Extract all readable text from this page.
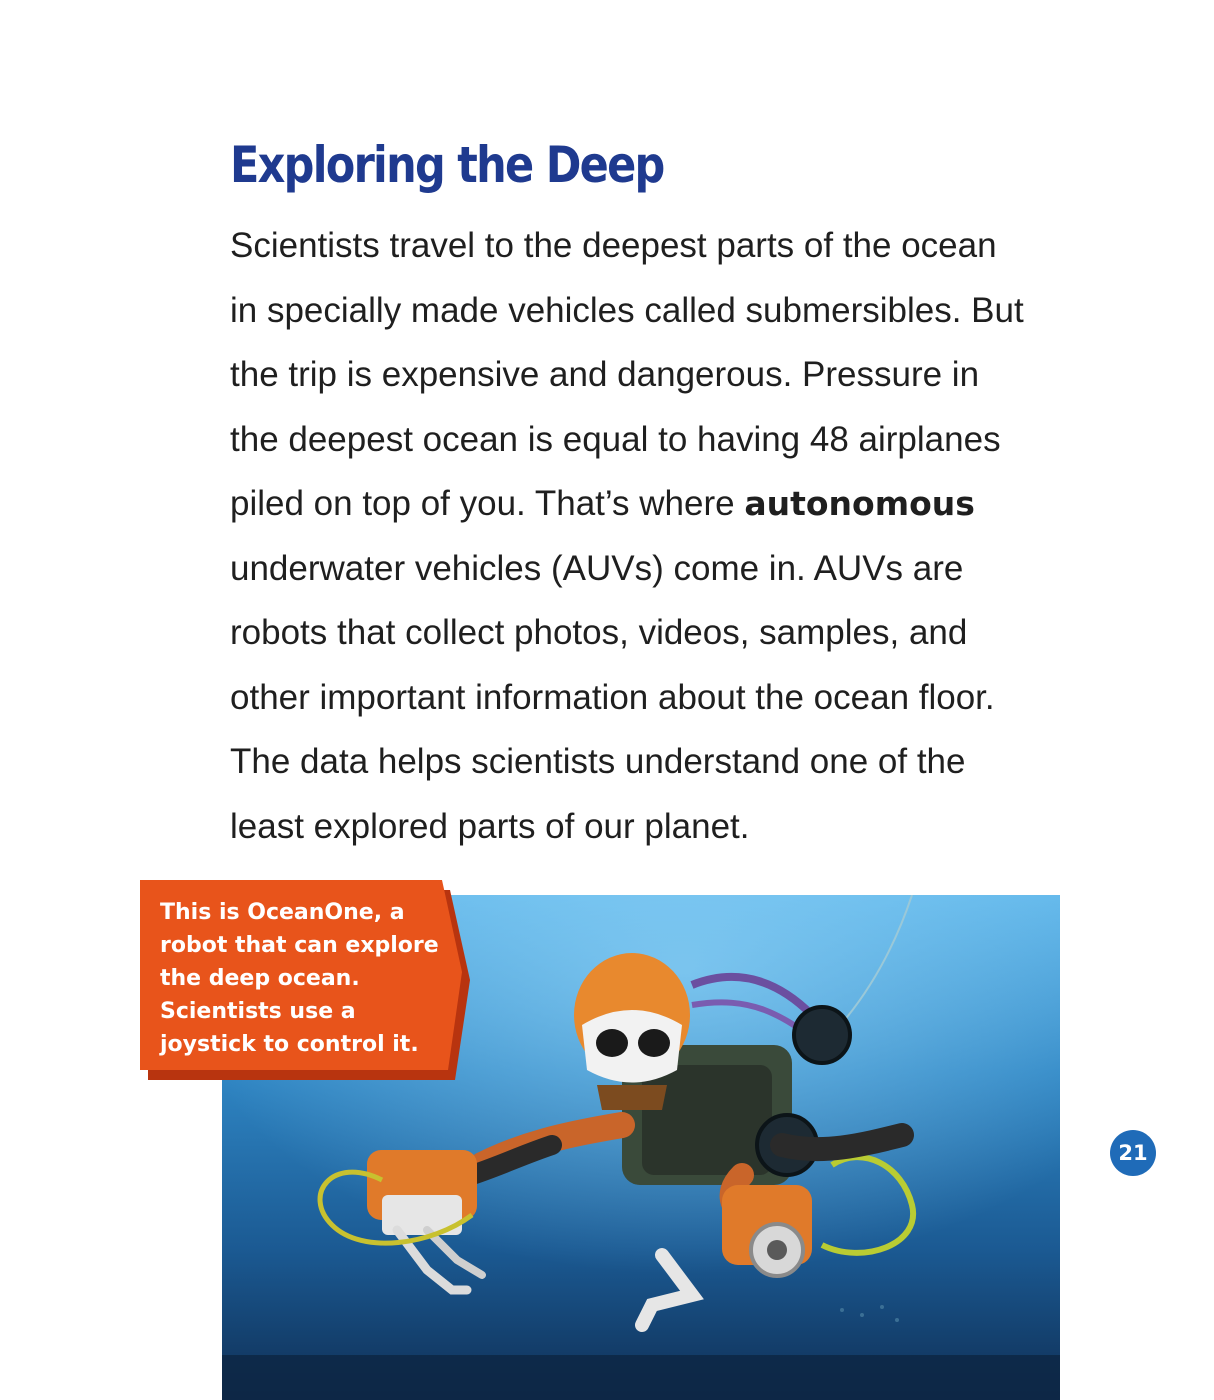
Exploring the Deep

Scientists travel to the deepest parts of the ocean
in specially made vehicles called submersibles. But
the trip is expensive and dangerous. Pressure in
the deepest ocean is equal to having 48 airplanes
piled on top of you. That’s where autonomous
underwater vehicles (AUVs) come in. AUVs are
robots that collect photos, videos, samples, and
other important information about the ocean floor.
The data helps scientists understand one of the
least explored parts of our planet.

This is OceanOne, a
robot that can explore
the deep ocean.
Scientists use a
joystick to control it.

21
